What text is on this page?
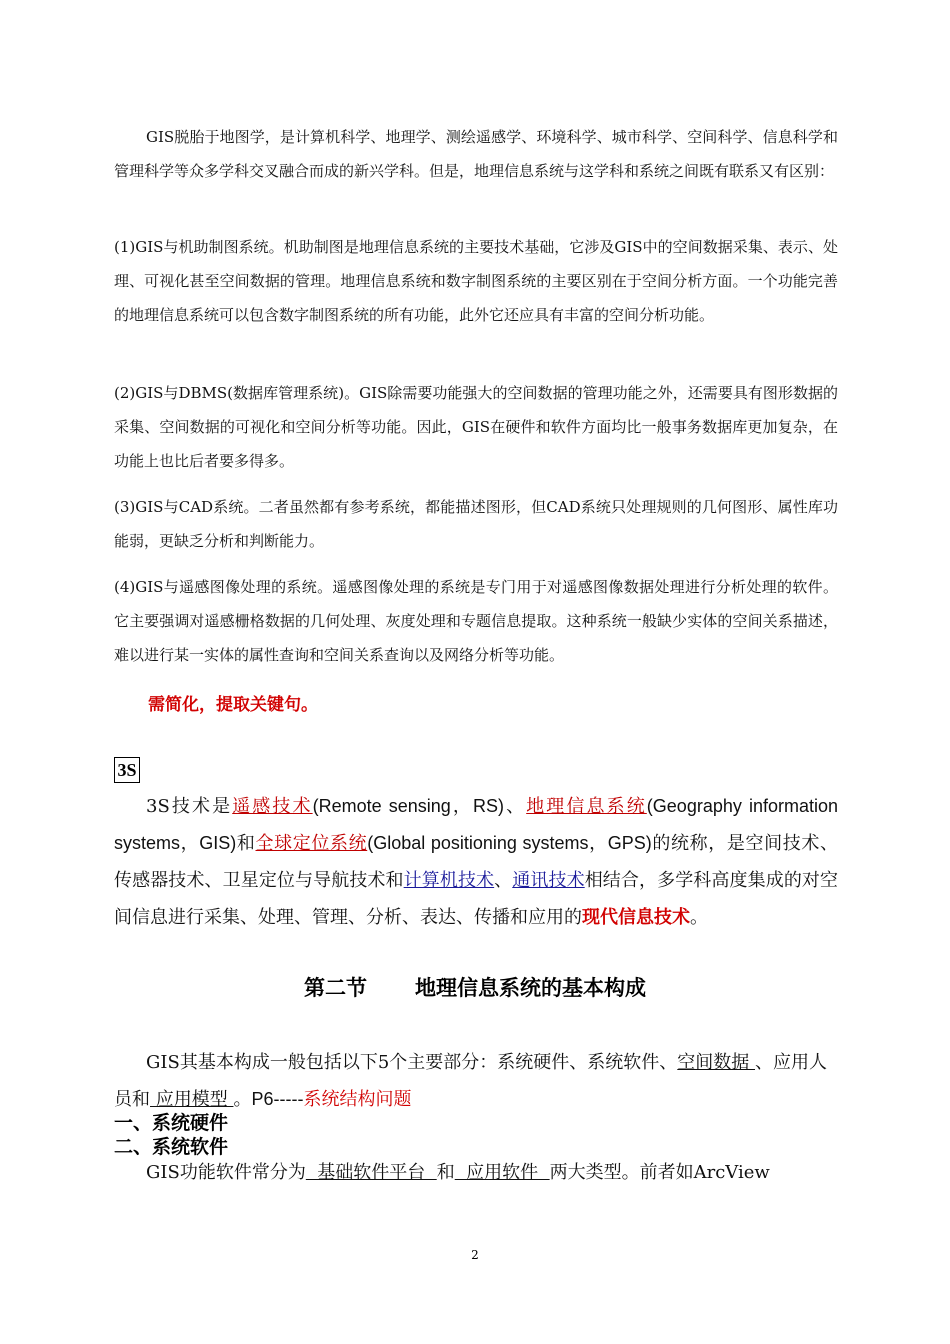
GIS脱胎于地图学，是计算机科学、地理学、测绘遥感学、环境科学、城市科学、空间科学、信息科学和管理科学等众多学科交叉融合而成的新兴学科。但是，地理信息系统与这学科和系统之间既有联系又有区别：

(1)GIS与机助制图系统。机助制图是地理信息系统的主要技术基础，它涉及GIS中的空间数据采集、表示、处理、可视化甚至空间数据的管理。地理信息系统和数字制图系统的主要区别在于空间分析方面。一个功能完善的地理信息系统可以包含数字制图系统的所有功能，此外它还应具有丰富的空间分析功能。

(2)GIS与DBMS(数据库管理系统)。GIS除需要功能强大的空间数据的管理功能之外，还需要具有图形数据的采集、空间数据的可视化和空间分析等功能。因此，GIS在硬件和软件方面均比一般事务数据库更加复杂，在功能上也比后者要多得多。

(3)GIS与CAD系统。二者虽然都有参考系统，都能描述图形，但CAD系统只处理规则的几何图形、属性库功能弱，更缺乏分析和判断能力。

(4)GIS与遥感图像处理的系统。遥感图像处理的系统是专门用于对遥感图像数据处理进行分析处理的软件。它主要强调对遥感栅格数据的几何处理、灰度处理和专题信息提取。这种系统一般缺少实体的空间关系描述，难以进行某一实体的属性查询和空间关系查询以及网络分析等功能。

需简化，提取关键句。
3S

3S技术是遥感技术(Remote sensing，RS)、地理信息系统(Geography information systems，GIS)和全球定位系统(Global positioning systems，GPS)的统称，是空间技术、传感器技术、卫星定位与导航技术和计算机技术、通讯技术相结合，多学科高度集成的对空间信息进行采集、处理、管理、分析、表达、传播和应用的现代信息技术。

第二节 地理信息系统的基本构成

GIS其基本构成一般包括以下5个主要部分：系统硬件、系统软件、空间数据 、应用人员和 应用模型 。P6-----系统结构问题

一、系统硬件
二、系统软件

GIS功能软件常分为  基础软件平台  和  应用软件  两大类型。前者如ArcView

2
